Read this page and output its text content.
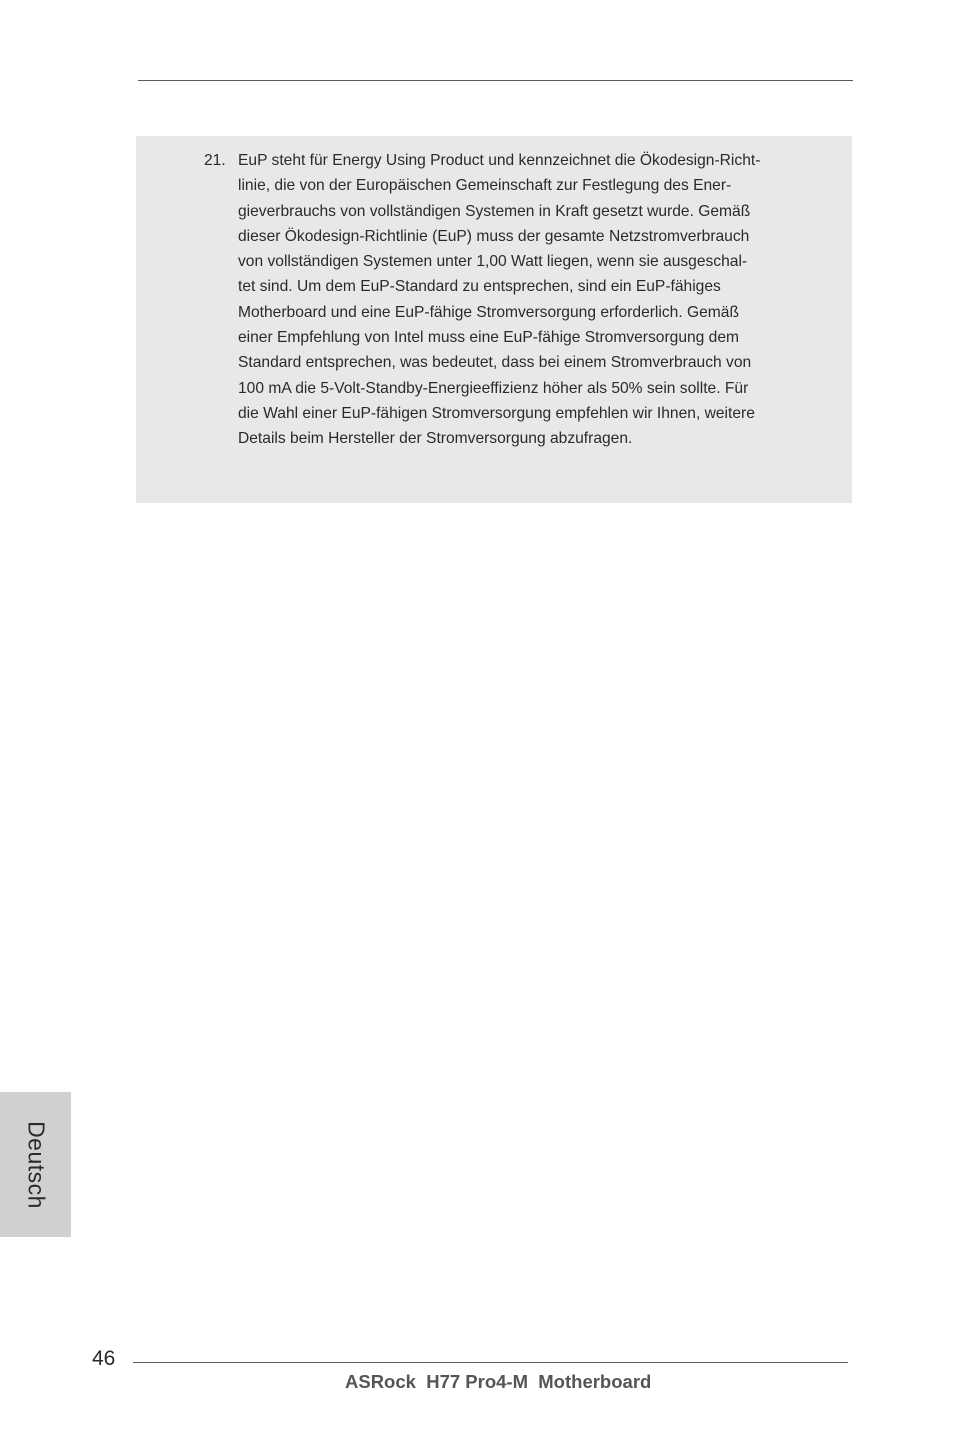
21. EuP steht für Energy Using Product und kennzeichnet die Ökodesign-Richt-
linie, die von der Europäischen Gemeinschaft zur Festlegung des Ener-
gieverbrauchs von vollständigen Systemen in Kraft gesetzt wurde. Gemäß
dieser Ökodesign-Richtlinie (EuP) muss der gesamte Netzstromverbrauch
von vollständigen Systemen unter 1,00 Watt liegen, wenn sie ausgeschal-
tet sind. Um dem EuP-Standard zu entsprechen, sind ein EuP-fähiges
Motherboard und eine EuP-fähige Stromversorgung erforderlich. Gemäß
einer Empfehlung von Intel muss eine EuP-fähige Stromversorgung dem
Standard entsprechen, was bedeutet, dass bei einem Stromverbrauch von
100 mA die 5-Volt-Standby-Energieeffizienz höher als 50% sein sollte. Für
die Wahl einer EuP-fähigen Stromversorgung empfehlen wir Ihnen, weitere
Details beim Hersteller der Stromversorgung abzufragen.
Deutsch
46
ASRock  H77 Pro4-M  Motherboard
